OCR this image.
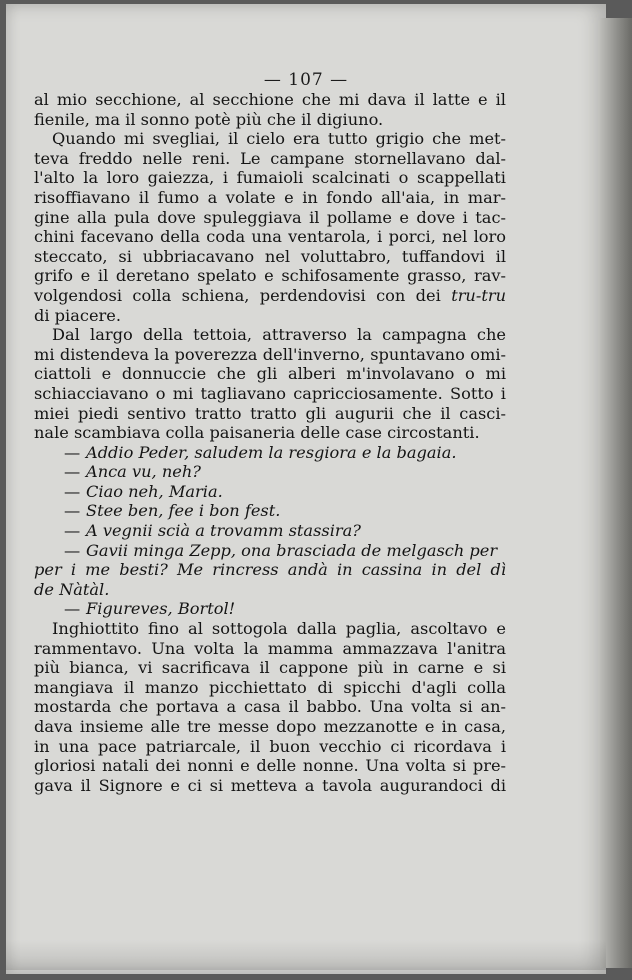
— 107 —

al mio secchione, al secchione che mi dava il latte e il
fienile, ma il sonno potè più che il digiuno.

Quando mi svegliai, il cielo era tutto grigio che met-
teva freddo nelle reni. Le campane stornellavano dal-
l'alto la loro gaiezza, i fumaioli scalcinati o scappellati
risoffiavano il fumo a volate e in fondo all'aia, in mar-
gine alla pula dove spuleggiava il pollame e dove i tac-
chini facevano della coda una ventarola, i porci, nel loro
steccato, si ubbriacavano nel voluttabro, tuffandovi il
grifo e il deretano spelato e schifosamente grasso, rav-
volgendosi colla schiena, perdendovisi con dei tru-tru
di piacere.

Dal largo della tettoia, attraverso la campagna che
mi distendeva la poverezza dell'inverno, spuntavano omi-
ciattoli e donnuccie che gli alberi m'involavano o mi
schiacciavano o mi tagliavano capricciosamente. Sotto i
miei piedi sentivo tratto tratto gli augurii che il casci-
nale scambiava colla paisaneria delle case circostanti.

— Addio Peder, saludem la resgiora e la bagaia.
— Anca vu, neh?
— Ciao neh, Maria.
— Stee ben, fee i bon fest.
— A vegnii scià a trovamm stassira?
— Gavii minga Zepp, ona brasciada de melgasch per
per i me besti? Me rincress andà in cassina in del dì
de Nàtàl.
— Figureves, Bortol!

Inghiottito fino al sottogola dalla paglia, ascoltavo e
rammentavo. Una volta la mamma ammazzava l'anitra
più bianca, vi sacrificava il cappone più in carne e si
mangiava il manzo picchiettato di spicchi d'agli colla
mostarda che portava a casa il babbo. Una volta si an-
dava insieme alle tre messe dopo mezzanotte e in casa,
in una pace patriarcale, il buon vecchio ci ricordava i
gloriosi natali dei nonni e delle nonne. Una volta si pre-
gava il Signore e ci si metteva a tavola augurandoci di
